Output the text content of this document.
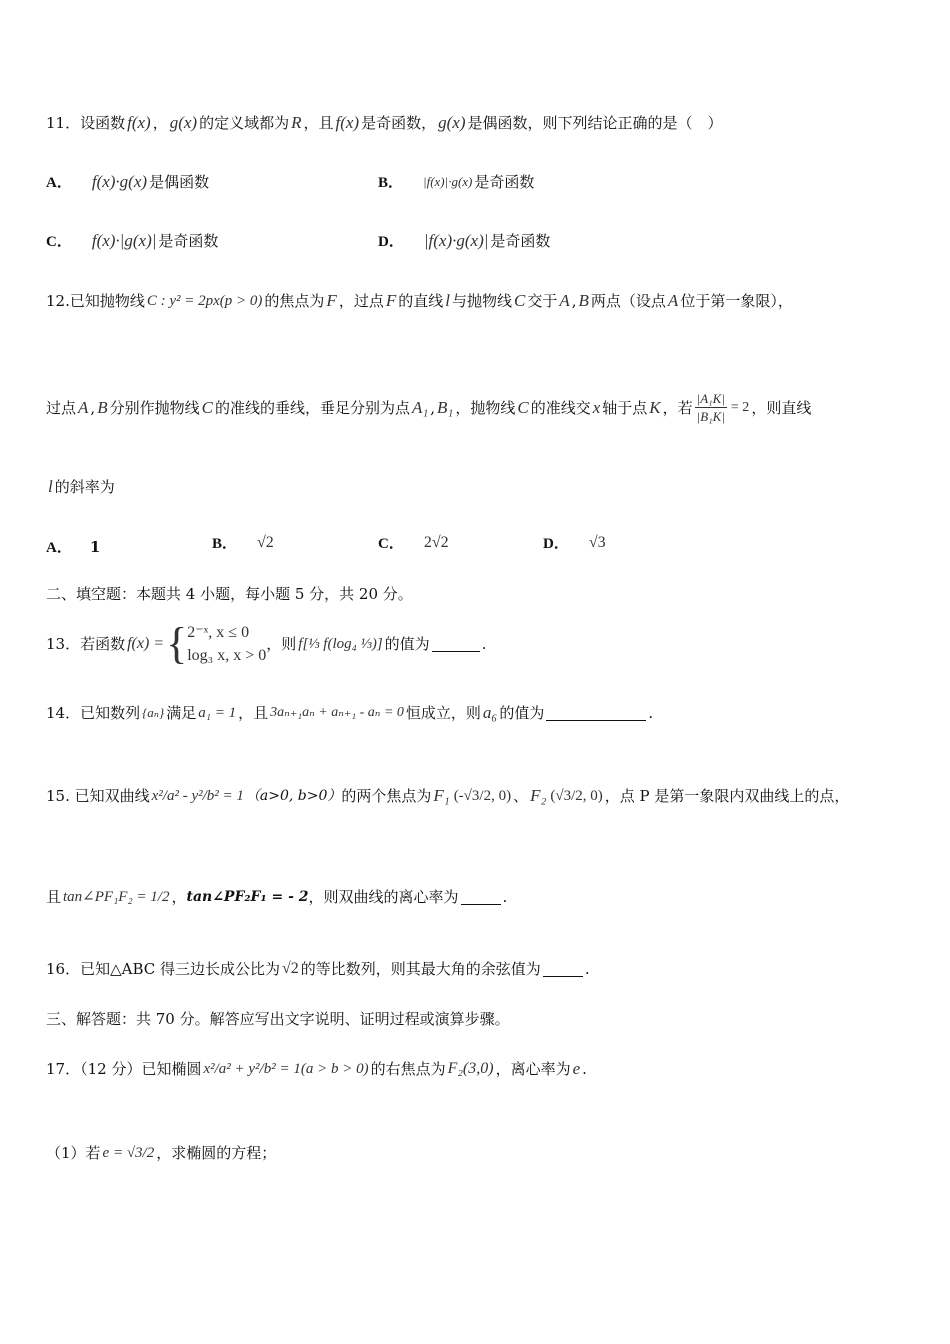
11．设函数 f(x) ， g(x) 的定义域都为 R ，且 f(x) 是奇函数， g(x) 是偶函数，则下列结论正确的是（　）
A． f(x)·g(x) 是偶函数	B． |f(x)|·g(x) 是奇函数
C． f(x)·|g(x)| 是奇函数	D． |f(x)·g(x)| 是奇函数
12.已知抛物线 C : y² = 2px(p > 0) 的焦点为 F ，过点 F 的直线 l 与抛物线 C 交于 A , B 两点（设点 A 位于第一象限），
过点 A , B 分别作抛物线 C 的准线的垂线，垂足分别为点 A₁ , B₁ ，抛物线 C 的准线交 x 轴于点 K ，若 $\frac{\text{|A₁K|}}{\text{|B₁K|}} = 2$ ，则直线
l 的斜率为
A． 1	B． √2	C． 2√2	D． √3
二、填空题：本题共 4 小题，每小题 5 分，共 20 分。
13．若函数 f(x) = { 2⁻ˣ, x ≤ 0
log₃ x, x > 0
，则 f[⅓ f(log₄ ⅓)] 的值为	.
14．已知数列 {aₙ} 满足 a₁ = 1 ，且 3aₙ₊₁aₙ + aₙ₊₁ - aₙ = 0 恒成立，则 a₆ 的值为	.
15. 已知双曲线 x²/a² - y²/b² = 1 （a>0, b>0） 的两个焦点为 F₁ (-√3/2, 0) 、 F₂ (√3/2, 0) ，点 P 是第一象限内双曲线上的点，
且 tan∠PF₁F₂ = 1/2 ， tan∠PF₂F₁ = - 2 ，则双曲线的离心率为	.
16．已知△ABC 得三边长成公比为 √2 的等比数列，则其最大角的余弦值为	.
三、解答题：共 70 分。解答应写出文字说明、证明过程或演算步骤。
17．（12 分）已知椭圆 x²/a² + y²/b² = 1(a > b > 0) 的右焦点为 F₂(3,0) ，离心率为 e .
（1）若 e = √3/2 ，求椭圆的方程；
